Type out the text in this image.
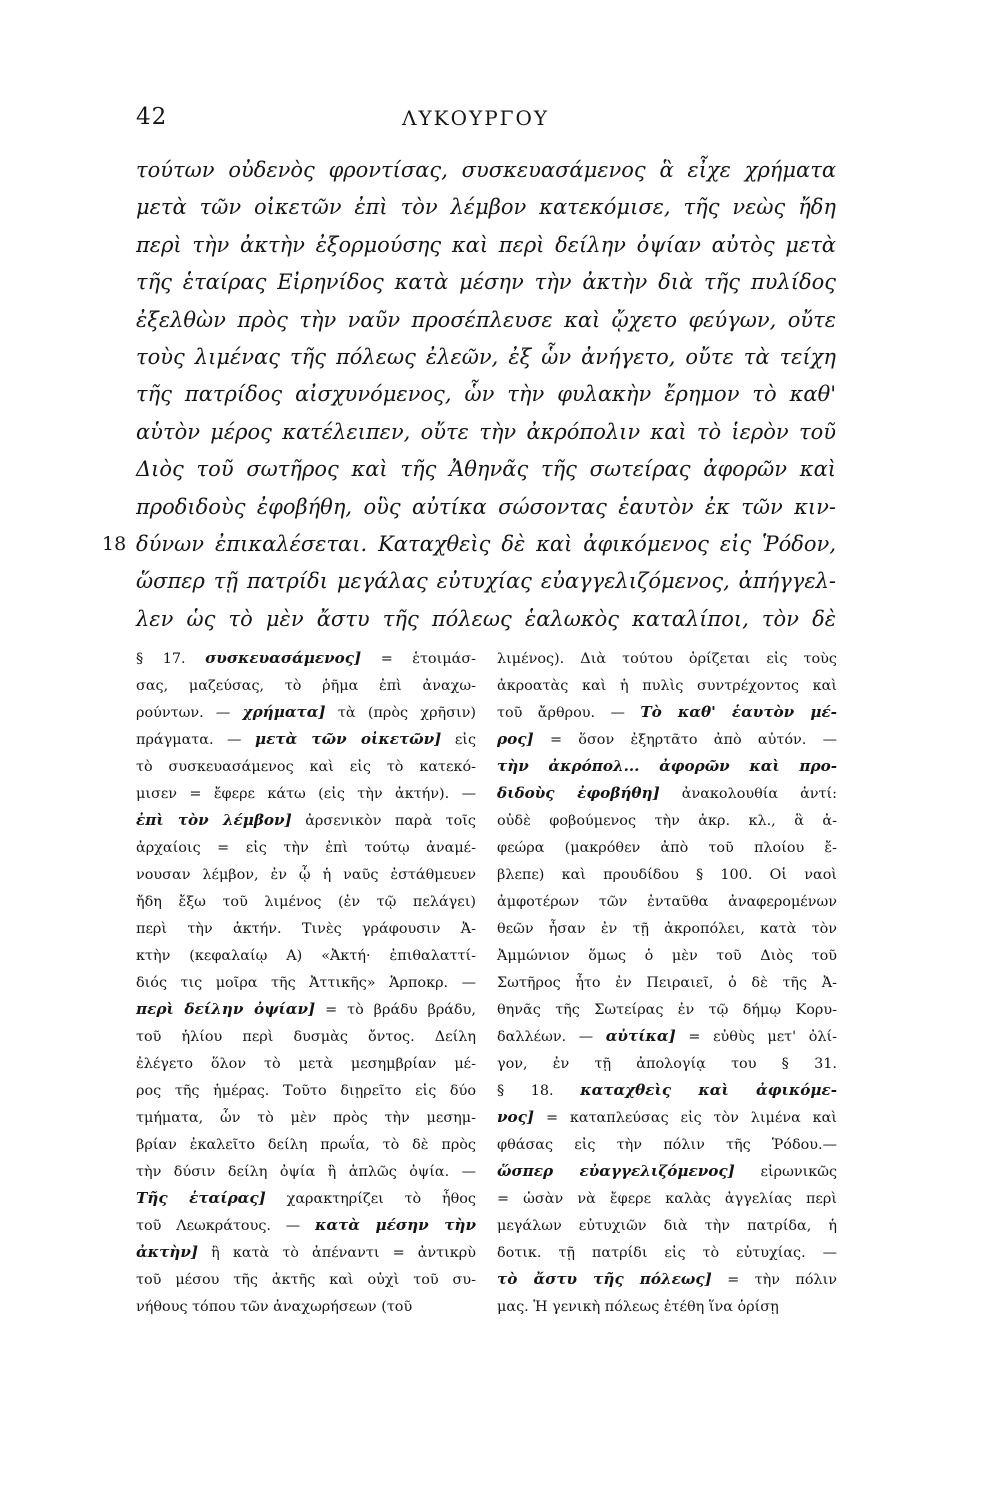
42	ΛΥΚΟΥΡΓΟΥ
τούτων οὐδενὸς φροντίσας, συσκευασάμενος ἃ εἶχε χρήματα
μετὰ τῶν οἰκετῶν ἐπὶ τὸν λέμβον κατεκόμισε, τῆς νεὼς ἤδη
περὶ τὴν ἀκτὴν ἐξορμούσης καὶ περὶ δείλην ὀψίαν αὐτὸς μετὰ
τῆς ἑταίρας Εἰρηνίδος κατὰ μέσην τὴν ἀκτὴν διὰ τῆς πυλίδος
ἐξελθὼν πρὸς τὴν ναῦν προσέπλευσε καὶ ᾤχετο φεύγων, οὔτε
τοὺς λιμένας τῆς πόλεως ἐλεῶν, ἐξ ὧν ἀνήγετο, οὔτε τὰ τείχη
τῆς πατρίδος αἰσχυνόμενος, ὧν τὴν φυλακὴν ἔρημον τὸ καθ'
αὑτὸν μέρος κατέλειπεν, οὔτε τὴν ἀκρόπολιν καὶ τὸ ἱερὸν τοῦ
Διὸς τοῦ σωτῆρος καὶ τῆς Ἀθηνᾶς τῆς σωτείρας ἀφορῶν καὶ
προδιδοὺς ἐφοβήθη, οὓς αὐτίκα σώσοντας ἑαυτὸν ἐκ τῶν κιν-
18 δύνων ἐπικαλέσεται. Καταχθεὶς δὲ καὶ ἀφικόμενος εἰς Ῥόδον,
ὥσπερ τῇ πατρίδι μεγάλας εὐτυχίας εὐαγγελιζόμενος, ἀπήγγελ-
λεν ὡς τὸ μὲν ἄστυ τῆς πόλεως ἑαλωκὸς καταλίποι, τὸν δὲ
§ 17. συσκευασάμενος] = ἑτοιμάσ-
σας, μαζεύσας, τὸ ῥῆμα ἐπὶ ἀναχω-
ρούντων. — χρήματα] τὰ (πρὸς χρῆσιν)
πράγματα. — μετὰ τῶν οἰκετῶν] εἰς
τὸ συσκευασάμενος καὶ εἰς τὸ κατεκό-
μισεν = ἔφερε κάτω (εἰς τὴν ἀκτήν). —
ἐπὶ τὸν λέμβον] ἀρσενικὸν παρὰ τοῖς
ἀρχαίοις = εἰς τὴν ἐπὶ τούτῳ ἀναμέ-
νουσαν λέμβον, ἐν ᾧ ἡ ναῦς ἐστάθμευεν
ἤδη ἔξω τοῦ λιμένος (ἐν τῷ πελάγει)
περὶ τὴν ἀκτήν. Τινὲς γράφουσιν Ἀ-
κτὴν (κεφαλαίῳ Α) «Ἀκτή· ἐπιθαλαττί-
διός τις μοῖρα τῆς Ἀττικῆς» Ἁρποκρ. —
περὶ δείλην ὀψίαν] = τὸ βράδυ βράδυ,
τοῦ ἡλίου περὶ δυσμὰς ὄντος. Δείλη
ἐλέγετο ὅλον τὸ μετὰ μεσημβρίαν μέ-
ρος τῆς ἡμέρας. Τοῦτο διῃρεῖτο εἰς δύο
τμήματα, ὧν τὸ μὲν πρὸς τὴν μεσημ-
βρίαν ἐκαλεῖτο δείλη πρωΐα, τὸ δὲ πρὸς
τὴν δύσιν δείλη ὀψία ἢ ἁπλῶς ὀψία. —
Τῆς ἑταίρας] χαρακτηρίζει τὸ ἦθος
τοῦ Λεωκράτους. — κατὰ μέσην τὴν
ἀκτὴν] ἢ κατὰ τὸ ἀπέναντι = ἀντικρὺ
τοῦ μέσου τῆς ἀκτῆς καὶ οὐχὶ τοῦ συ-
νήθους τόπου τῶν ἀναχωρήσεων (τοῦ
λιμένος). Διὰ τούτου ὁρίζεται εἰς τοὺς
ἀκροατὰς καὶ ἡ πυλὶς συντρέχοντος καὶ
τοῦ ἄρθρου. — Τὸ καθ' ἑαυτὸν μέ-
ρος] = ὅσον ἐξηρτᾶτο ἀπὸ αὐτόν. —
τὴν ἀκρόπολ... ἀφορῶν καὶ προ-
διδοὺς ἐφοβήθη] ἀνακολουθία ἀντί:
οὐδὲ φοβούμενος τὴν ἀκρ. κλ., ἃ ἀ-
φεώρα (μακρόθεν ἀπὸ τοῦ πλοίου ἔ-
βλεπε) καὶ προυδίδου § 100. Οἱ ναοὶ
ἀμφοτέρων τῶν ἐνταῦθα ἀναφερομένων
θεῶν ἦσαν ἐν τῇ ἀκροπόλει, κατὰ τὸν
Ἀμμώνιον ὅμως ὁ μὲν τοῦ Διὸς τοῦ
Σωτῆρος ἦτο ἐν Πειραιεῖ, ὁ δὲ τῆς Ἀ-
θηνᾶς τῆς Σωτείρας ἐν τῷ δήμῳ Κορυ-
δαλλέων. — αὐτίκα] = εὐθὺς μετ' ὀλί-
γον, ἐν τῇ ἀπολογίᾳ του § 31.
§ 18. καταχθεὶς καὶ ἀφικόμε-
νος] = καταπλεύσας εἰς τὸν λιμένα καὶ
φθάσας εἰς τὴν πόλιν τῆς Ῥόδου.—
ὥσπερ εὐαγγελιζόμενος] εἰρωνικῶς
= ὡσὰν νὰ ἔφερε καλὰς ἀγγελίας περὶ
μεγάλων εὐτυχιῶν διὰ τὴν πατρίδα, ἡ
δοτικ. τῇ πατρίδι εἰς τὸ εὐτυχίας. —
τὸ ἄστυ τῆς πόλεως] = τὴν πόλιν
μας. Ἡ γενικὴ πόλεως ἐτέθη ἵνα ὁρίσῃ
